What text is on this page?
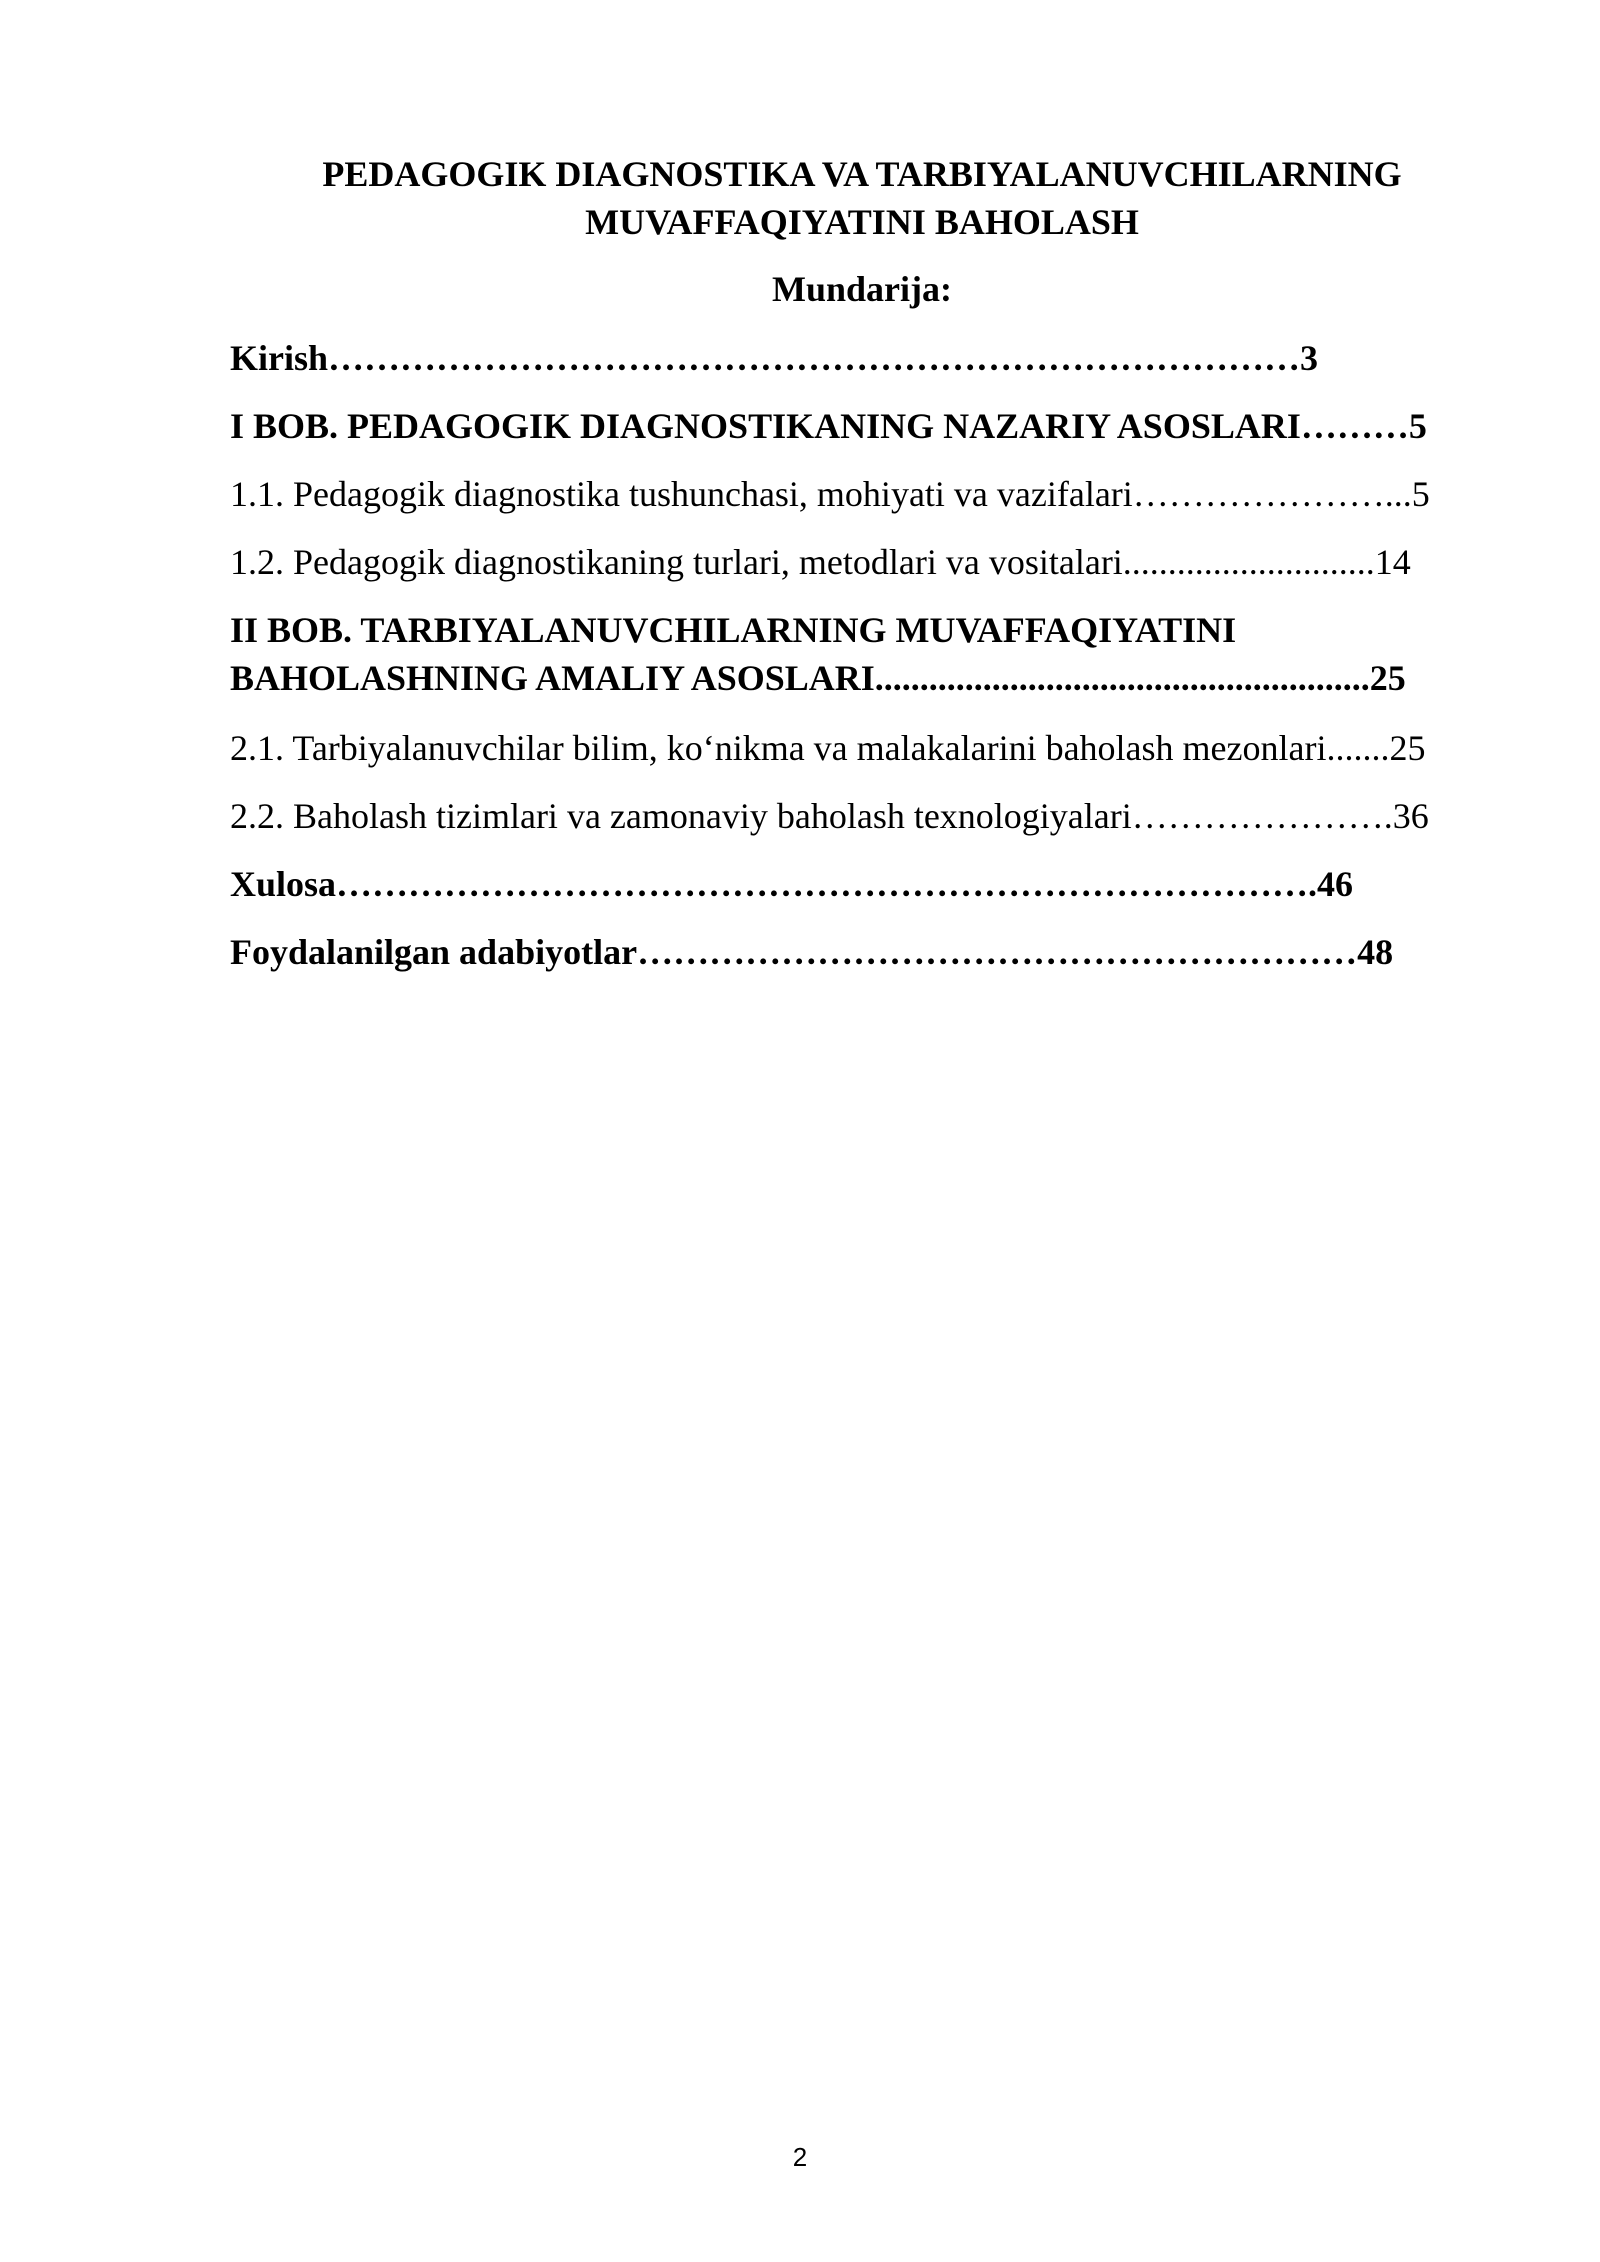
PEDAGOGIK DIAGNOSTIKA VA TARBIYALANUVCHILARNING MUVAFFAQIYATINI BAHOLASH
Mundarija:
Kirish………………………………………………………………………3
I BOB. PEDAGOGIK DIAGNOSTIKANING NAZARIY ASOSLARI………5
1.1. Pedagogik diagnostika tushunchasi, mohiyati va vazifalari…………………...5
1.2. Pedagogik diagnostikaning turlari, metodlari va vositalari............................14
II BOB. TARBIYALANUVCHILARNING MUVAFFAQIYATINI
BAHOLASHNING AMALIY ASOSLARI.......................................................25
2.1. Tarbiyalanuvchilar bilim, ko‘nikma va malakalarini baholash mezonlari.......25
2.2. Baholash tizimlari va zamonaviy baholash texnologiyalari………………….36
Xulosa……………………………………………………………………….46
Foydalanilgan adabiyotlar……………………………………………………48
2
